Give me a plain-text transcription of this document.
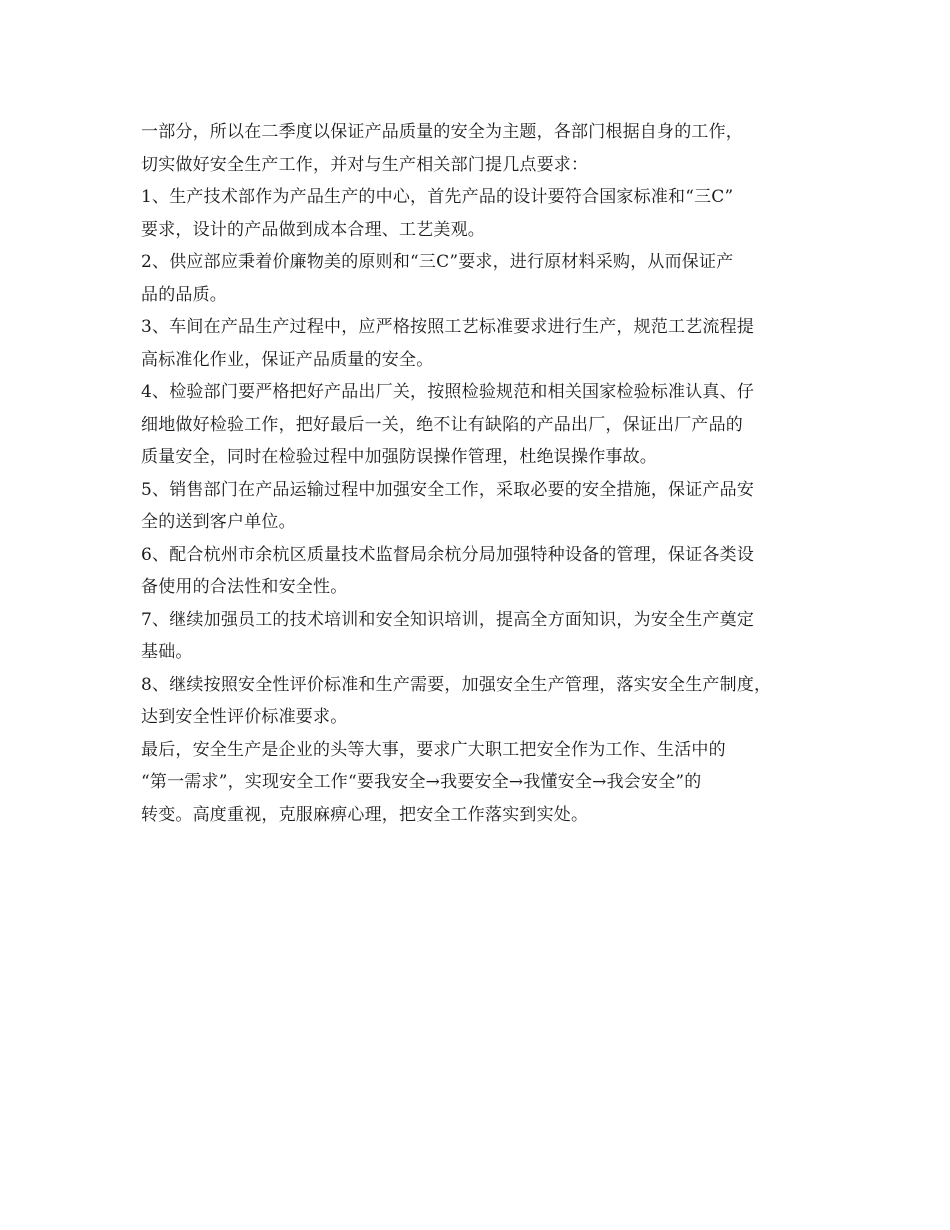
一部分，所以在二季度以保证产品质量的安全为主题，各部门根据自身的工作，
切实做好安全生产工作，并对与生产相关部门提几点要求：
1、生产技术部作为产品生产的中心，首先产品的设计要符合国家标准和“三C”
要求，设计的产品做到成本合理、工艺美观。
2、供应部应秉着价廉物美的原则和“三C”要求，进行原材料采购，从而保证产
品的品质。
3、车间在产品生产过程中，应严格按照工艺标准要求进行生产，规范工艺流程提
高标准化作业，保证产品质量的安全。
4、检验部门要严格把好产品出厂关，按照检验规范和相关国家检验标准认真、仔
细地做好检验工作，把好最后一关，绝不让有缺陷的产品出厂，保证出厂产品的
质量安全，同时在检验过程中加强防误操作管理，杜绝误操作事故。
5、销售部门在产品运输过程中加强安全工作，采取必要的安全措施，保证产品安
全的送到客户单位。
6、配合杭州市余杭区质量技术监督局余杭分局加强特种设备的管理，保证各类设
备使用的合法性和安全性。
7、继续加强员工的技术培训和安全知识培训，提高全方面知识，为安全生产奠定
基础。
8、继续按照安全性评价标准和生产需要，加强安全生产管理，落实安全生产制度，
达到安全性评价标准要求。
最后，安全生产是企业的头等大事，要求广大职工把安全作为工作、生活中的
“第一需求”，实现安全工作“要我安全→我要安全→我懂安全→我会安全”的
转变。高度重视，克服麻痹心理，把安全工作落实到实处。
